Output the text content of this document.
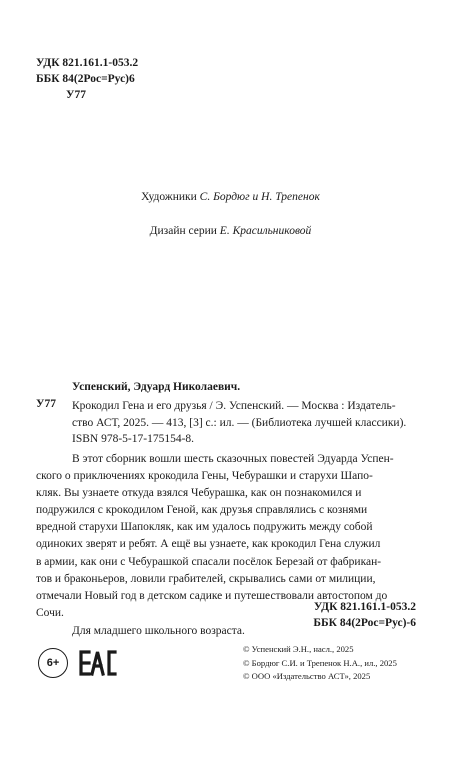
УДК 821.161.1-053.2
ББК 84(2Рос=Рус)6
У77
Художники С. Бордюг и Н. Трепенок
Дизайн серии Е. Красильниковой
Успенский, Эдуард Николаевич.
У77 Крокодил Гена и его друзья / Э. Успенский. — Москва : Издатель-
ство АСТ, 2025. — 413, [3] с.: ил. — (Библиотека лучшей классики).
ISBN 978-5-17-175154-8.
В этот сборник вошли шесть сказочных повестей Эдуарда Успен-
ского о приключениях крокодила Гены, Чебурашки и старухи Шапо-
кляк. Вы узнаете откуда взялся Чебурашка, как он познакомился и
подружился с крокодилом Геной, как друзья справлялись с кознями
вредной старухи Шапокляк, как им удалось подружить между собой
одиноких зверят и ребят. А ещё вы узнаете, как крокодил Гена служил
в армии, как они с Чебурашкой спасали посёлок Березай от фабрикан-
тов и браконьеров, ловили грабителей, скрывались сами от милиции,
отмечали Новый год в детском садике и путешествовали автостопом до
Сочи.
Для младшего школьного возраста.
УДК 821.161.1-053.2
ББК 84(2Рос=Рус)-6
6+
© Успенский Э.Н., насл., 2025
© Бордюг С.И. и Трепенок Н.А., ил., 2025
© ООО «Издательство АСТ», 2025
